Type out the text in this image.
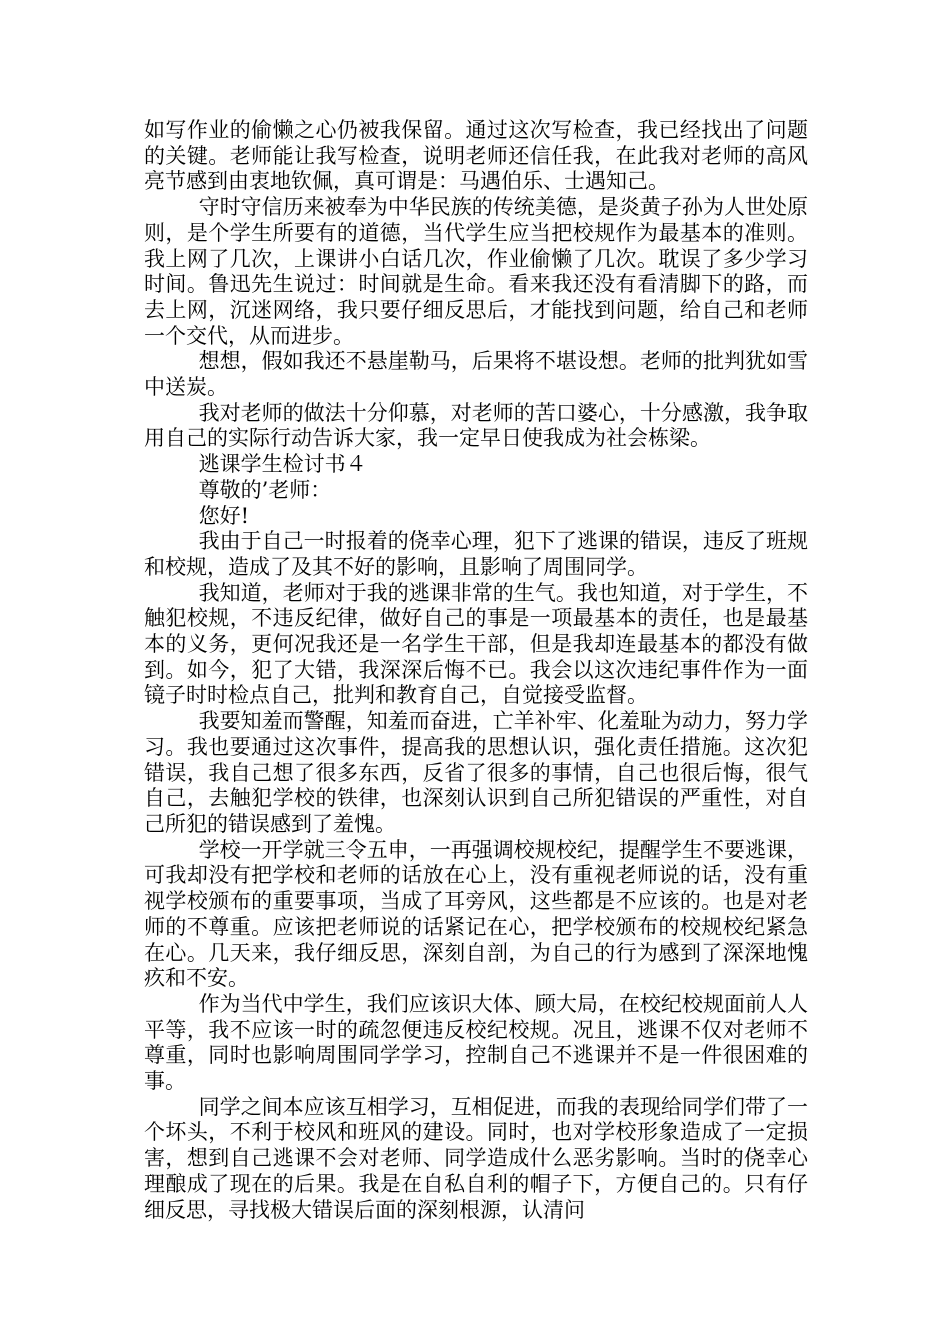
如写作业的偷懒之心仍被我保留。通过这次写检查，我已经找出了问题的关键。老师能让我写检查，说明老师还信任我，在此我对老师的高风亮节感到由衷地钦佩，真可谓是：马遇伯乐、士遇知己。

守时守信历来被奉为中华民族的传统美德，是炎黄子孙为人世处原则，是个学生所要有的道德，当代学生应当把校规作为最基本的准则。我上网了几次，上课讲小白话几次，作业偷懒了几次。耽误了多少学习时间。鲁迅先生说过：时间就是生命。看来我还没有看清脚下的路，而去上网，沉迷网络，我只要仔细反思后，才能找到问题，给自己和老师一个交代，从而进步。

想想，假如我还不悬崖勒马，后果将不堪设想。老师的批判犹如雪中送炭。

我对老师的做法十分仰慕，对老师的苦口婆心，十分感激，我争取用自己的实际行动告诉大家，我一定早日使我成为社会栋梁。

逃课学生检讨书４

尊敬的’老师：

您好!

我由于自己一时报着的侥幸心理，犯下了逃课的错误，违反了班规和校规，造成了及其不好的影响，且影响了周围同学。

我知道，老师对于我的逃课非常的生气。我也知道，对于学生，不触犯校规，不违反纪律，做好自己的事是一项最基本的责任，也是最基本的义务，更何况我还是一名学生干部，但是我却连最基本的都没有做到。如今，犯了大错，我深深后悔不已。我会以这次违纪事件作为一面镜子时时检点自己，批判和教育自己，自觉接受监督。

我要知羞而警醒，知羞而奋进，亡羊补牢、化羞耻为动力，努力学习。我也要通过这次事件，提高我的思想认识，强化责任措施。这次犯错误，我自己想了很多东西，反省了很多的事情，自己也很后悔，很气自己，去触犯学校的铁律，也深刻认识到自己所犯错误的严重性，对自己所犯的错误感到了羞愧。

学校一开学就三令五申，一再强调校规校纪，提醒学生不要逃课，可我却没有把学校和老师的话放在心上，没有重视老师说的话，没有重视学校颁布的重要事项，当成了耳旁风，这些都是不应该的。也是对老师的不尊重。应该把老师说的话紧记在心，把学校颁布的校规校纪紧急在心。几天来，我仔细反思，深刻自剖，为自己的行为感到了深深地愧疚和不安。

作为当代中学生，我们应该识大体、顾大局，在校纪校规面前人人平等，我不应该一时的疏忽便违反校纪校规。况且，逃课不仅对老师不尊重，同时也影响周围同学学习，控制自己不逃课并不是一件很困难的事。

同学之间本应该互相学习，互相促进，而我的表现给同学们带了一个坏头，不利于校风和班风的建设。同时，也对学校形象造成了一定损害，想到自己逃课不会对老师、同学造成什么恶劣影响。当时的侥幸心理酿成了现在的后果。我是在自私自利的帽子下，方便自己的。只有仔细反思，寻找极大错误后面的深刻根源，认清问
